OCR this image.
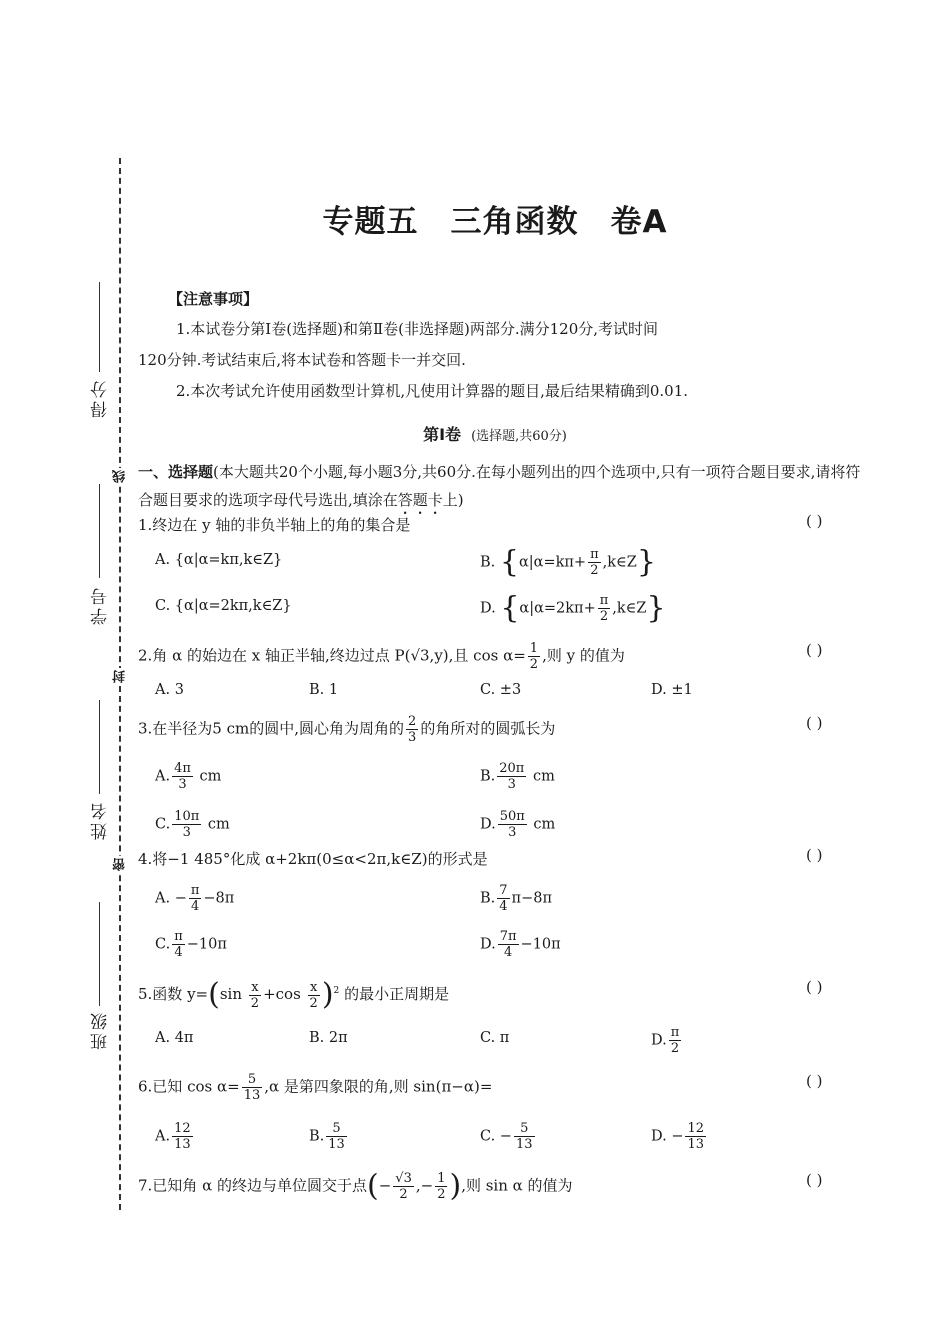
线
封
密
得分
学号
姓名
班级
专题五 三角函数 卷A
【注意事项】
1.本试卷分第Ⅰ卷(选择题)和第Ⅱ卷(非选择题)两部分.满分120分,考试时间
120分钟.考试结束后,将本试卷和答题卡一并交回.
2.本次考试允许使用函数型计算机,凡使用计算器的题目,最后结果精确到0.01.
第Ⅰ卷 (选择题,共60分)
一、选择题(本大题共20个小题,每小题3分,共60分.在每小题列出的四个选项中,只有一项符合题目要求,请将符合题目要求的选项字母代号选出,填涂在答题卡上)
1.终边在 y 轴的非负半轴上的角的集合是	( )
A. {α|α=kπ,k∈Z}	B. {$\alpha|\alpha=k\pi+ \frac{\pi}{2}$ ,k∈Z}
C. {α|α=2kπ,k∈Z}	D. {$\alpha|\alpha=2k\pi+ \frac{\pi}{2}$ ,k∈Z}
2.角 α 的始边在 x 轴正半轴,终边过点 P(√3,y),且 $\cos \alpha= \frac{1}{2}$ ,则 y 的值为	( )
A. 3	B. 1	C. ±3	D. ±1
3.在半径为5 cm的圆中,圆心角为周角的 $\frac{2}{3}$ 的角所对的圆弧长为	( )
A. $\frac{4\pi}{3}$ cm	B. $\frac{20\pi}{3}$ cm
C. $\frac{10\pi}{3}$ cm	D. $\frac{50\pi}{3}$ cm
4.将−1 485°化成 α+2kπ(0≤α<2π,k∈Z)的形式是	( )
A. − $\frac{\pi}{4} -8\pi$	B. $\frac{7}{4} \pi-8\pi$
C. $\frac{\pi}{4} -10\pi$	D. $\frac{7\pi}{4} -10\pi$
5.函数 $y=(\sin \frac{x}{2} +\cos \frac{x}{2} )^2$ 的最小正周期是	( )
A. 4π	B. 2π	C. π	D. $\frac{\pi}{2}$
6.已知 $\cos \alpha= \frac{5}{13} ,\alpha$ 是第四象限的角,则 sin(π−α)=	( )
A. $\frac{12}{13}$	B. $\frac{5}{13}$	C. − $\frac{5}{13}$	D. − $\frac{12}{13}$
7.已知角 α 的终边与单位圆交于点(− $\frac{√3}{2}$ ,− $\frac{1}{2}$ ),则 sin α 的值为	( )
